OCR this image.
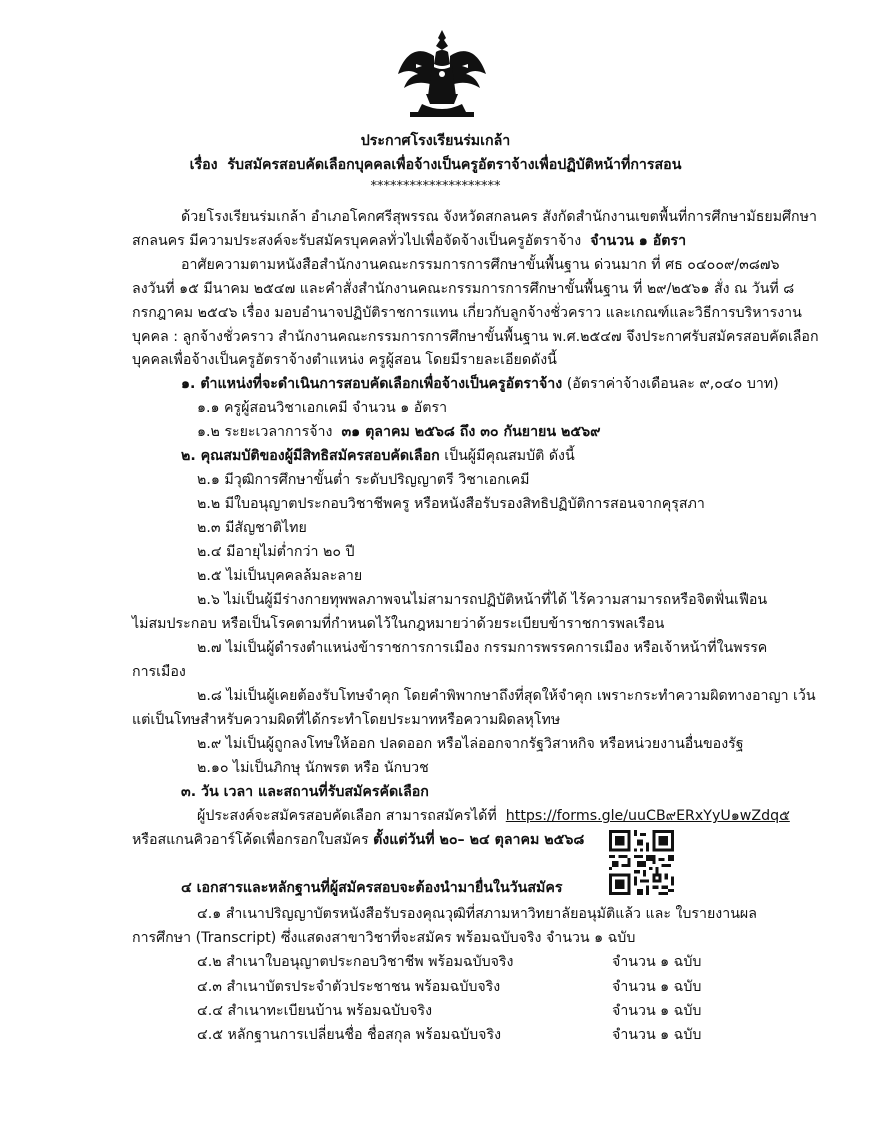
ประกาศโรงเรียนร่มเกล้า
เรื่อง รับสมัครสอบคัดเลือกบุคคลเพื่อจ้างเป็นครูอัตราจ้างเพื่อปฏิบัติหน้าที่การสอน
********************
ด้วยโรงเรียนร่มเกล้า อำเภอโคกศรีสุพรรณ จังหวัดสกลนคร สังกัดสำนักงานเขตพื้นที่การศึกษามัธยมศึกษา
สกลนคร มีความประสงค์จะรับสมัครบุคคลทั่วไปเพื่อจัดจ้างเป็นครูอัตราจ้าง จำนวน ๑ อัตรา
อาศัยความตามหนังสือสำนักงานคณะกรรมการการศึกษาขั้นพื้นฐาน ด่วนมาก ที่ ศธ ๐๔๐๐๙/๓๘๗๖
ลงวันที่ ๑๕ มีนาคม ๒๕๔๗ และคำสั่งสำนักงานคณะกรรมการการศึกษาขั้นพื้นฐาน ที่ ๒๙/๒๕๖๑ สั่ง ณ วันที่ ๘
กรกฎาคม ๒๕๔๖ เรื่อง มอบอำนาจปฏิบัติราชการแทน เกี่ยวกับลูกจ้างชั่วคราว และเกณฑ์และวิธีการบริหารงาน
บุคคล : ลูกจ้างชั่วคราว สำนักงานคณะกรรมการการศึกษาขั้นพื้นฐาน พ.ศ.๒๕๔๗ จึงประกาศรับสมัครสอบคัดเลือก
บุคคลเพื่อจ้างเป็นครูอัตราจ้างตำแหน่ง ครูผู้สอน โดยมีรายละเอียดดังนี้
๑. ตำแหน่งที่จะดำเนินการสอบคัดเลือกเพื่อจ้างเป็นครูอัตราจ้าง (อัตราค่าจ้างเดือนละ ๙,๐๔๐ บาท)
๑.๑ ครูผู้สอนวิชาเอกเคมี จำนวน ๑ อัตรา
๑.๒ ระยะเวลาการจ้าง ๓๑ ตุลาคม ๒๕๖๘ ถึง ๓๐ กันยายน ๒๕๖๙
๒. คุณสมบัติของผู้มีสิทธิสมัครสอบคัดเลือก เป็นผู้มีคุณสมบัติ ดังนี้
๒.๑ มีวุฒิการศึกษาขั้นต่ำ ระดับปริญญาตรี วิชาเอกเคมี
๒.๒ มีใบอนุญาตประกอบวิชาชีพครู หรือหนังสือรับรองสิทธิปฏิบัติการสอนจากคุรุสภา
๒.๓ มีสัญชาติไทย
๒.๔ มีอายุไม่ต่ำกว่า ๒๐ ปี
๒.๕ ไม่เป็นบุคคลล้มละลาย
๒.๖ ไม่เป็นผู้มีร่างกายทุพพลภาพจนไม่สามารถปฏิบัติหน้าที่ได้ ไร้ความสามารถหรือจิตฟั่นเฟือน
ไม่สมประกอบ หรือเป็นโรคตามที่กำหนดไว้ในกฎหมายว่าด้วยระเบียบข้าราชการพลเรือน
๒.๗ ไม่เป็นผู้ดำรงตำแหน่งข้าราชการการเมือง กรรมการพรรคการเมือง หรือเจ้าหน้าที่ในพรรค
การเมือง
๒.๘ ไม่เป็นผู้เคยต้องรับโทษจำคุก โดยคำพิพากษาถึงที่สุดให้จำคุก เพราะกระทำความผิดทางอาญา เว้น
แต่เป็นโทษสำหรับความผิดที่ได้กระทำโดยประมาทหรือความผิดลหุโทษ
๒.๙ ไม่เป็นผู้ถูกลงโทษให้ออก ปลดออก หรือไล่ออกจากรัฐวิสาหกิจ หรือหน่วยงานอื่นของรัฐ
๒.๑๐ ไม่เป็นภิกษุ นักพรต หรือ นักบวช
๓. วัน เวลา และสถานที่รับสมัครคัดเลือก
ผู้ประสงค์จะสมัครสอบคัดเลือก สามารถสมัครได้ที่ https://forms.gle/uuCB๙ERxYyU๑wZdq๕
หรือสแกนคิวอาร์โค้ดเพื่อกรอกใบสมัคร ตั้งแต่วันที่ ๒๐– ๒๔ ตุลาคม ๒๕๖๘
๔ เอกสารและหลักฐานที่ผู้สมัครสอบจะต้องนำมายื่นในวันสมัคร
๔.๑ สำเนาปริญญาบัตรหนังสือรับรองคุณวุฒิที่สภามหาวิทยาลัยอนุมัติแล้ว และ ใบรายงานผล
การศึกษา (Transcript) ซึ่งแสดงสาขาวิชาที่จะสมัคร พร้อมฉบับจริง จำนวน ๑ ฉบับ
๔.๒ สำเนาใบอนุญาตประกอบวิชาชีพ พร้อมฉบับจริง	จำนวน ๑ ฉบับ
๔.๓ สำเนาบัตรประจำตัวประชาชน พร้อมฉบับจริง	จำนวน ๑ ฉบับ
๔.๔ สำเนาทะเบียนบ้าน พร้อมฉบับจริง	จำนวน ๑ ฉบับ
๔.๕ หลักฐานการเปลี่ยนชื่อ ชื่อสกุล พร้อมฉบับจริง	จำนวน ๑ ฉบับ
